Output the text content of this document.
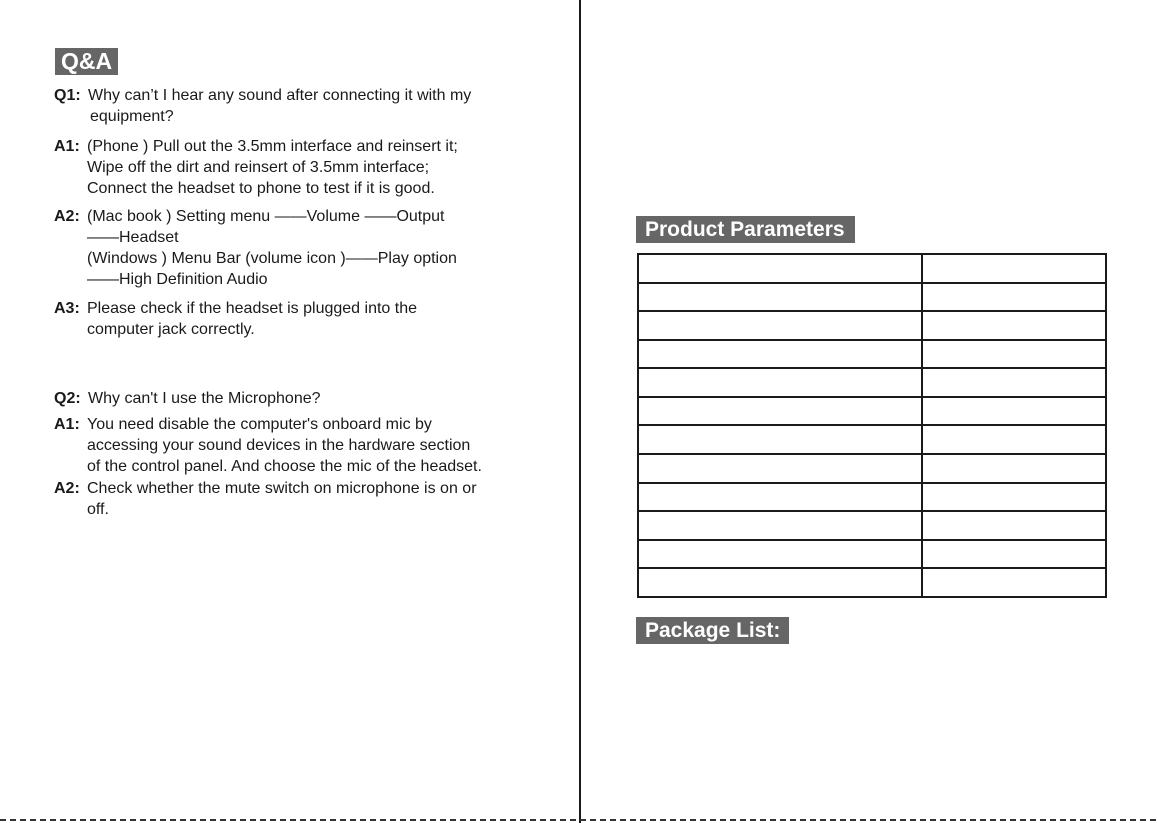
Q&A
Q1: Why can’t I hear any sound after connecting it with my
equipment?
A1: (Phone ) Pull out the 3.5mm interface and reinsert it;
Wipe off the dirt and reinsert of 3.5mm interface;
Connect the headset to phone to test if it is good.
A2: (Mac book ) Setting menu ——Volume ——Output
——Headset
(Windows ) Menu Bar (volume icon )——Play option
——High Definition Audio
A3: Please check if the headset is plugged into the
computer jack correctly.
Q2: Why can't I use the Microphone?
A1: You need disable the computer's onboard mic by
accessing your sound devices in the hardware section
of the control panel. And choose the mic of the headset.
A2: Check whether the mute switch on microphone is on or
off.
Product Parameters

Package List:
